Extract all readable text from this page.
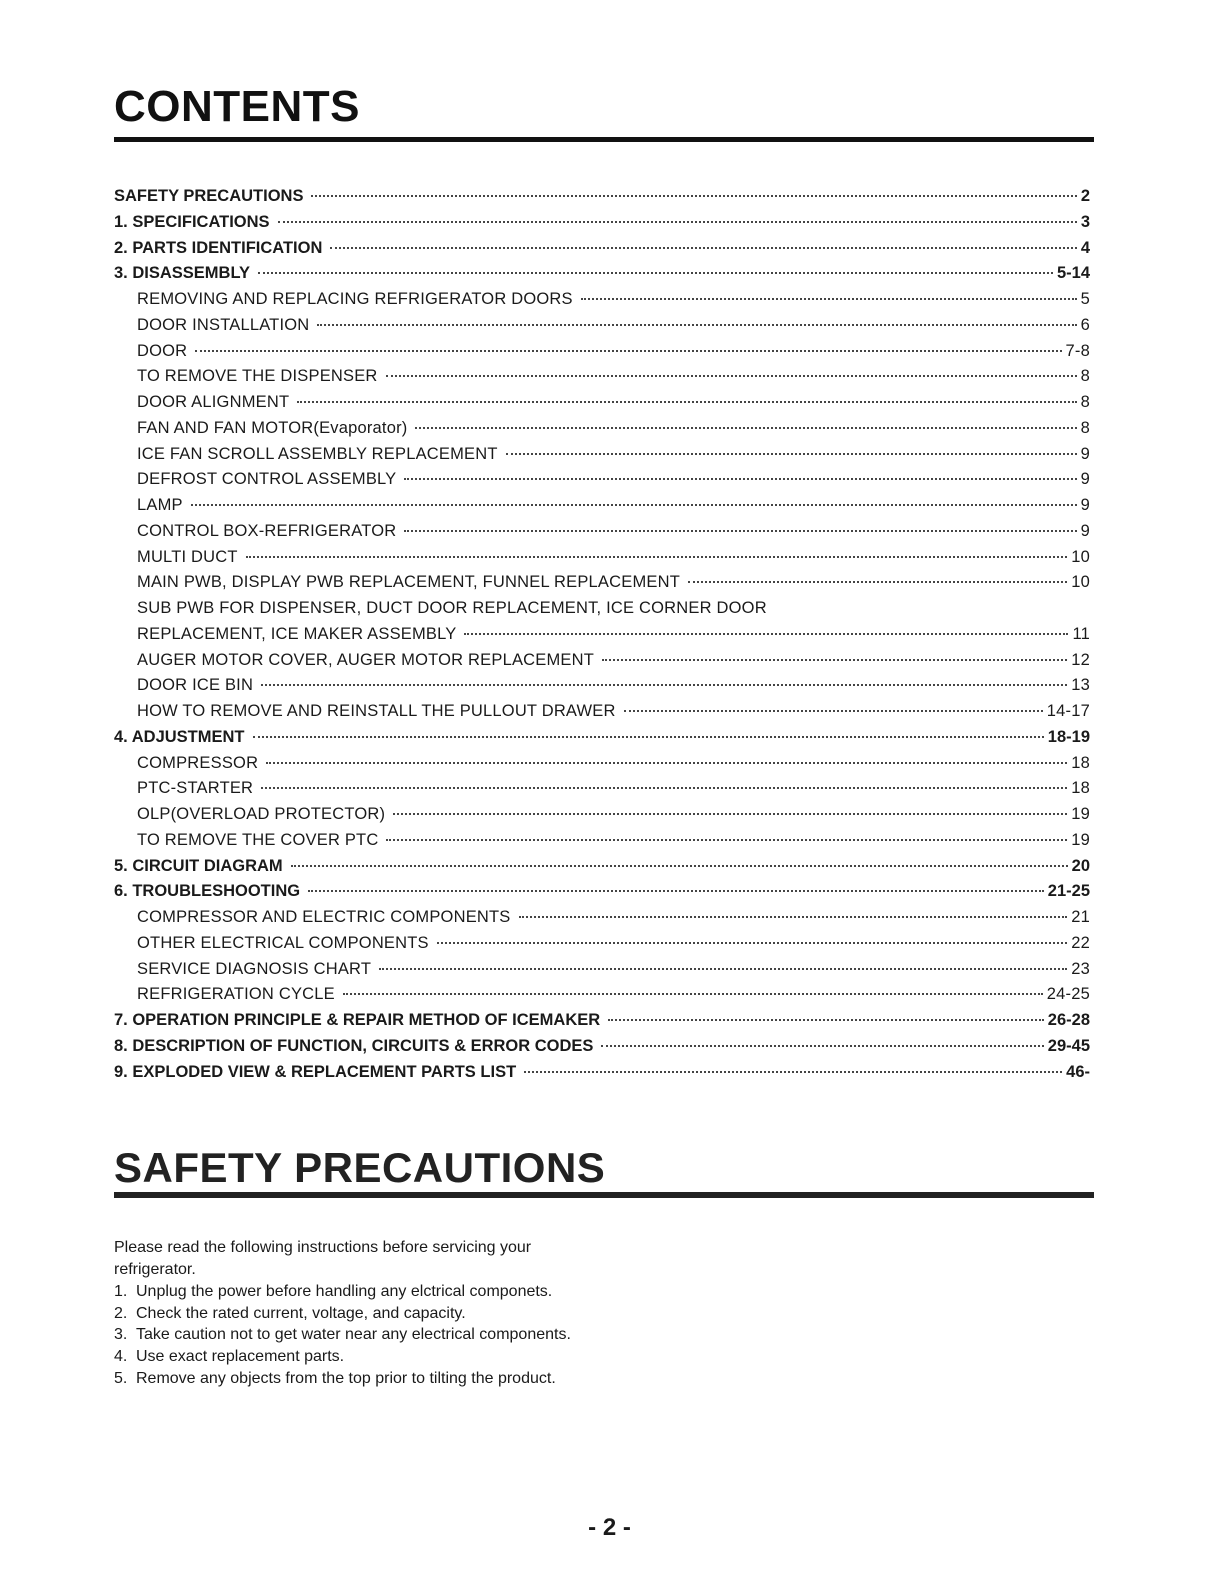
CONTENTS
SAFETY PRECAUTIONS	2
1. SPECIFICATIONS	3
2. PARTS IDENTIFICATION	4
3. DISASSEMBLY	5-14
REMOVING AND REPLACING REFRIGERATOR DOORS	5
DOOR INSTALLATION	6
DOOR	7-8
TO REMOVE THE DISPENSER	8
DOOR ALIGNMENT	8
FAN AND FAN MOTOR(Evaporator)	8
ICE FAN SCROLL ASSEMBLY REPLACEMENT	9
DEFROST CONTROL ASSEMBLY	9
LAMP	9
CONTROL BOX-REFRIGERATOR	9
MULTI DUCT	10
MAIN PWB, DISPLAY PWB REPLACEMENT, FUNNEL REPLACEMENT	10
SUB PWB FOR DISPENSER, DUCT DOOR REPLACEMENT, ICE CORNER DOOR
REPLACEMENT, ICE MAKER ASSEMBLY	11
AUGER MOTOR COVER, AUGER MOTOR REPLACEMENT	12
DOOR ICE BIN	13
HOW TO REMOVE AND REINSTALL THE PULLOUT DRAWER	14-17
4. ADJUSTMENT	18-19
COMPRESSOR	18
PTC-STARTER	18
OLP(OVERLOAD PROTECTOR)	19
TO REMOVE THE COVER PTC	19
5. CIRCUIT DIAGRAM	20
6. TROUBLESHOOTING	21-25
COMPRESSOR AND ELECTRIC COMPONENTS	21
OTHER ELECTRICAL COMPONENTS	22
SERVICE DIAGNOSIS CHART	23
REFRIGERATION CYCLE	24-25
7. OPERATION PRINCIPLE & REPAIR METHOD OF ICEMAKER	26-28
8. DESCRIPTION OF FUNCTION, CIRCUITS & ERROR CODES	29-45
9. EXPLODED VIEW & REPLACEMENT PARTS LIST	46-
SAFETY PRECAUTIONS

Please read the following instructions before servicing your refrigerator.

1. Unplug the power before handling any elctrical componets.
2. Check the rated current, voltage, and capacity.
3. Take caution not to get water near any electrical components.
4. Use exact replacement parts.
5. Remove any objects from the top prior to tilting the product.
- 2 -
